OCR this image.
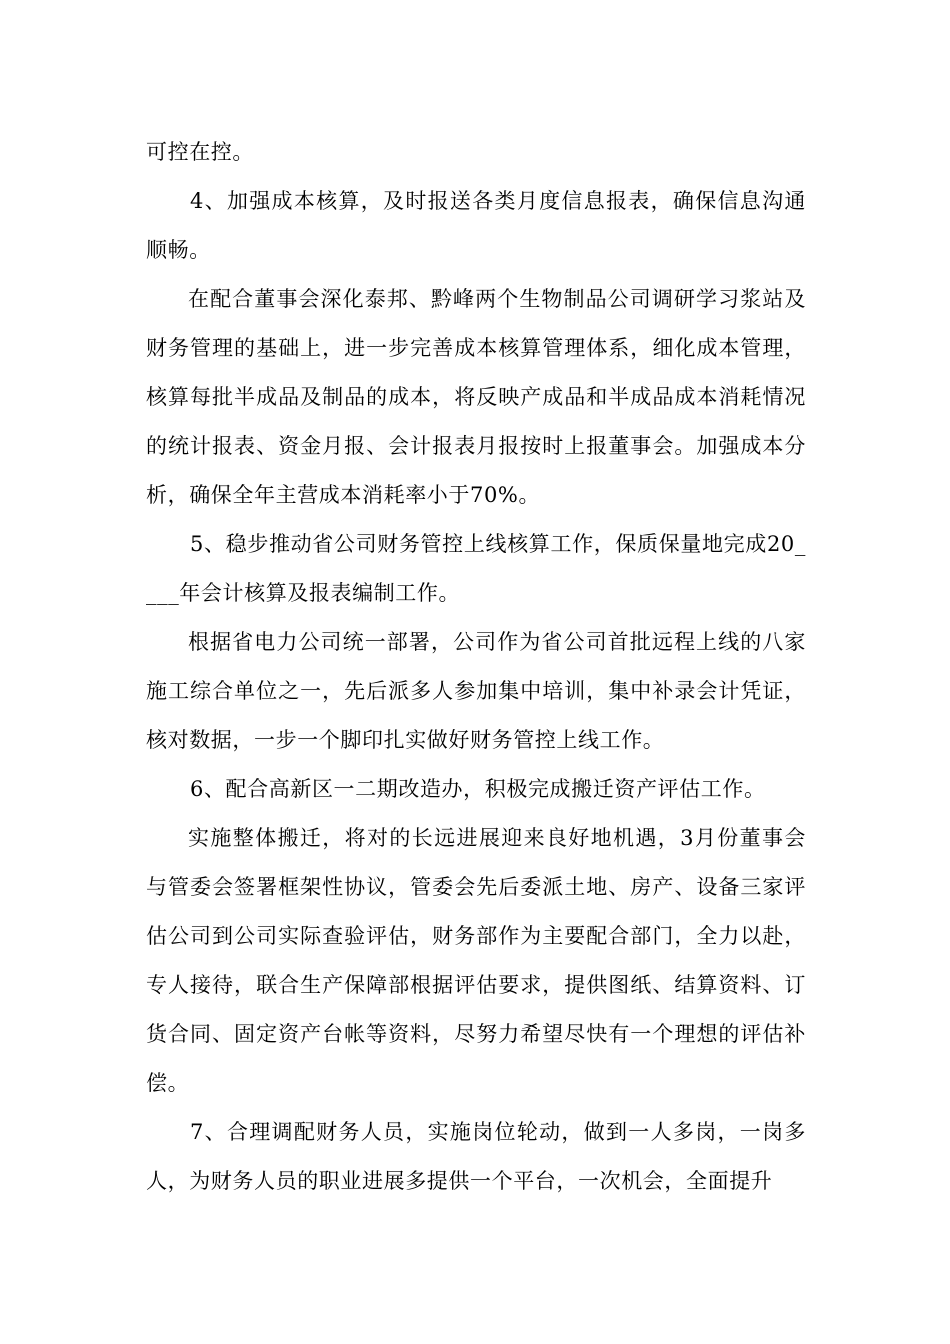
可控在控。

4、加强成本核算，及时报送各类月度信息报表，确保信息沟通顺畅。

在配合董事会深化泰邦、黔峰两个生物制品公司调研学习浆站及财务管理的基础上，进一步完善成本核算管理体系，细化成本管理，核算每批半成品及制品的成本，将反映产成品和半成品成本消耗情况的统计报表、资金月报、会计报表月报按时上报董事会。加强成本分析，确保全年主营成本消耗率小于70%。

5、稳步推动省公司财务管控上线核算工作，保质保量地完成20____年会计核算及报表编制工作。

根据省电力公司统一部署，公司作为省公司首批远程上线的八家施工综合单位之一，先后派多人参加集中培训，集中补录会计凭证，核对数据，一步一个脚印扎实做好财务管控上线工作。

6、配合高新区一二期改造办，积极完成搬迁资产评估工作。

实施整体搬迁，将对的长远进展迎来良好地机遇，3月份董事会与管委会签署框架性协议，管委会先后委派土地、房产、设备三家评估公司到公司实际查验评估，财务部作为主要配合部门，全力以赴，专人接待，联合生产保障部根据评估要求，提供图纸、结算资料、订货合同、固定资产台帐等资料，尽努力希望尽快有一个理想的评估补偿。

7、合理调配财务人员，实施岗位轮动，做到一人多岗，一岗多人，为财务人员的职业进展多提供一个平台，一次机会，全面提升
